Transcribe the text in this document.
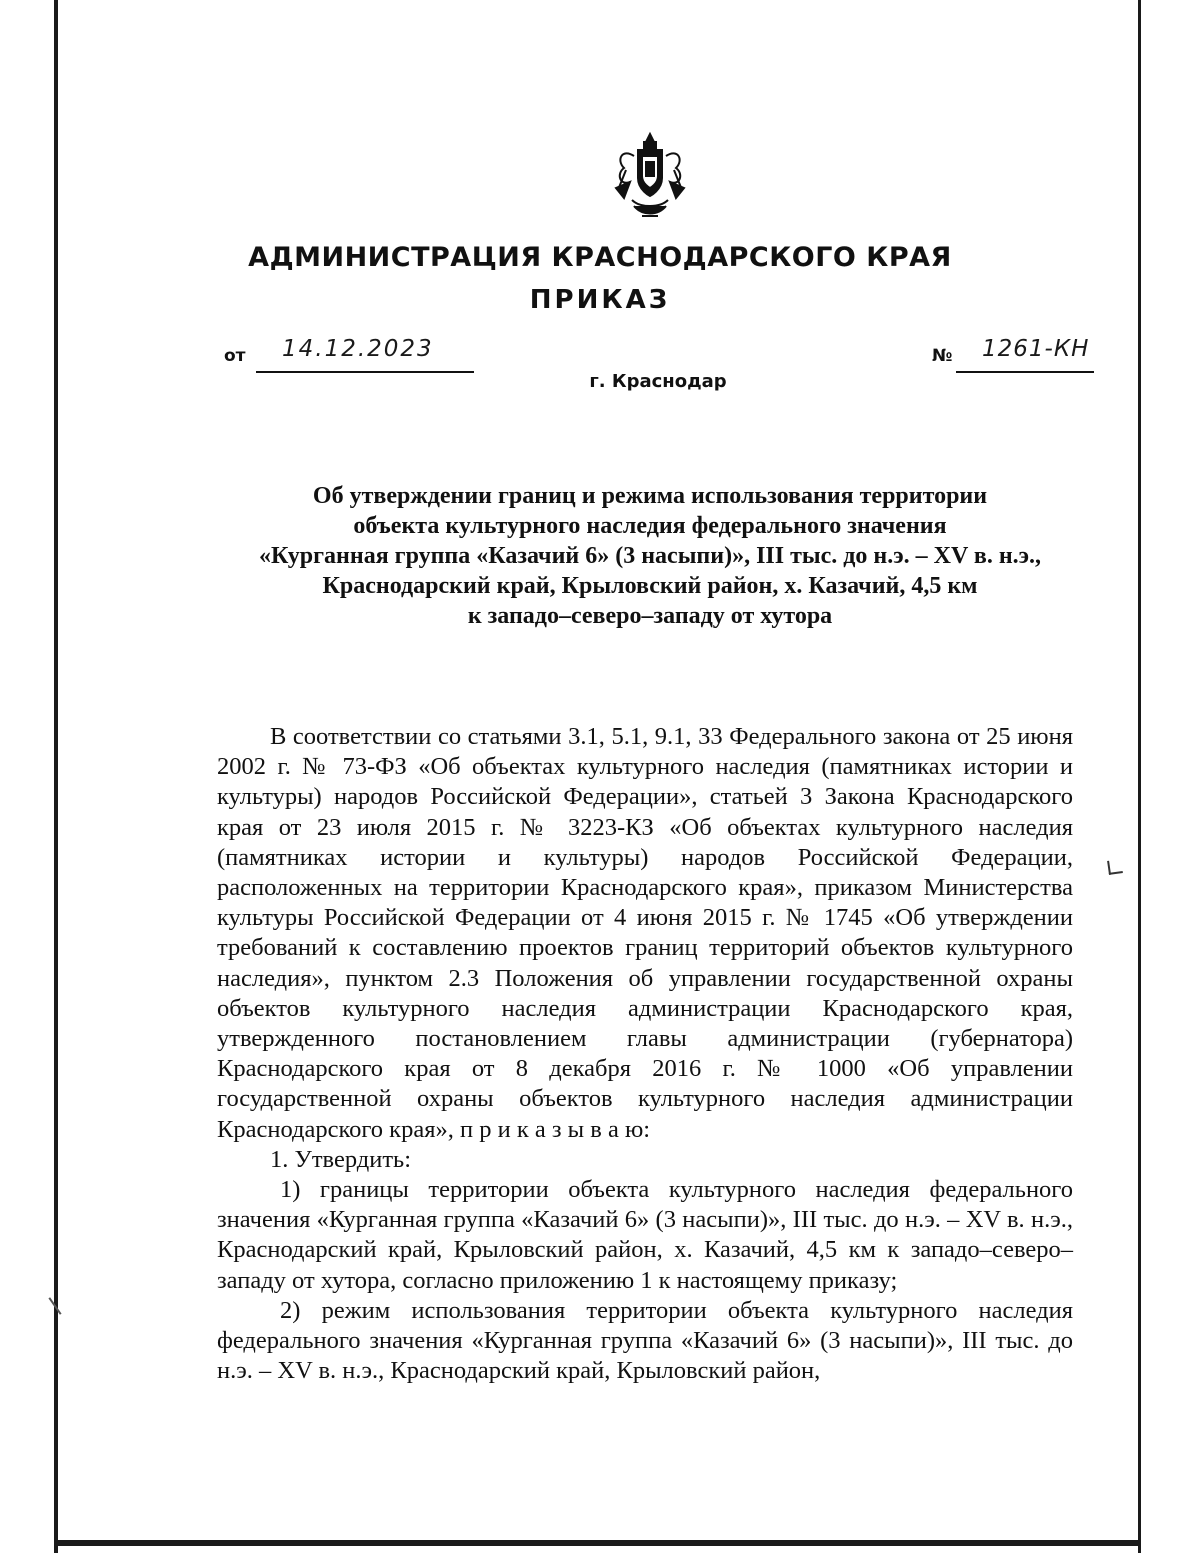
АДМИНИСТРАЦИЯ КРАСНОДАРСКОГО КРАЯ
ПРИКАЗ
от 14.12.2023	№ 1261-КН
г. Краснодар
Об утверждении границ и режима использования территории
объекта культурного наследия федерального значения
«Курганная группа «Казачий 6» (3 насыпи)», III тыс. до н.э. – XV в. н.э.,
Краснодарский край, Крыловский район, х. Казачий, 4,5 км
к западо–северо–западу от хутора

В соответствии со статьями 3.1, 5.1, 9.1, 33 Федерального закона от 25 июня 2002 г. № 73-ФЗ «Об объектах культурного наследия (памятниках истории и культуры) народов Российской Федерации», статьей 3 Закона Краснодарского края от 23 июля 2015 г. № 3223-КЗ «Об объектах культурного наследия (памятниках истории и культуры) народов Российской Федерации, расположенных на территории Краснодарского края», приказом Министерства культуры Российской Федерации от 4 июня 2015 г. № 1745 «Об утверждении требований к составлению проектов границ территорий объектов культурного наследия», пунктом 2.3 Положения об управлении государственной охраны объектов культурного наследия администрации Краснодарского края, утвержденного постановлением главы администрации (губернатора) Краснодарского края от 8 декабря 2016 г. № 1000 «Об управлении государственной охраны объектов культурного наследия администрации Краснодарского края», п р и к а з ы в а ю:

1. Утвердить:

1) границы территории объекта культурного наследия федерального значения «Курганная группа «Казачий 6» (3 насыпи)», III тыс. до н.э. – XV в. н.э., Краснодарский край, Крыловский район, х. Казачий, 4,5 км к западо–северо–западу от хутора, согласно приложению 1 к настоящему приказу;

2) режим использования территории объекта культурного наследия федерального значения «Курганная группа «Казачий 6» (3 насыпи)», III тыс. до н.э. – XV в. н.э., Краснодарский край, Крыловский район,
